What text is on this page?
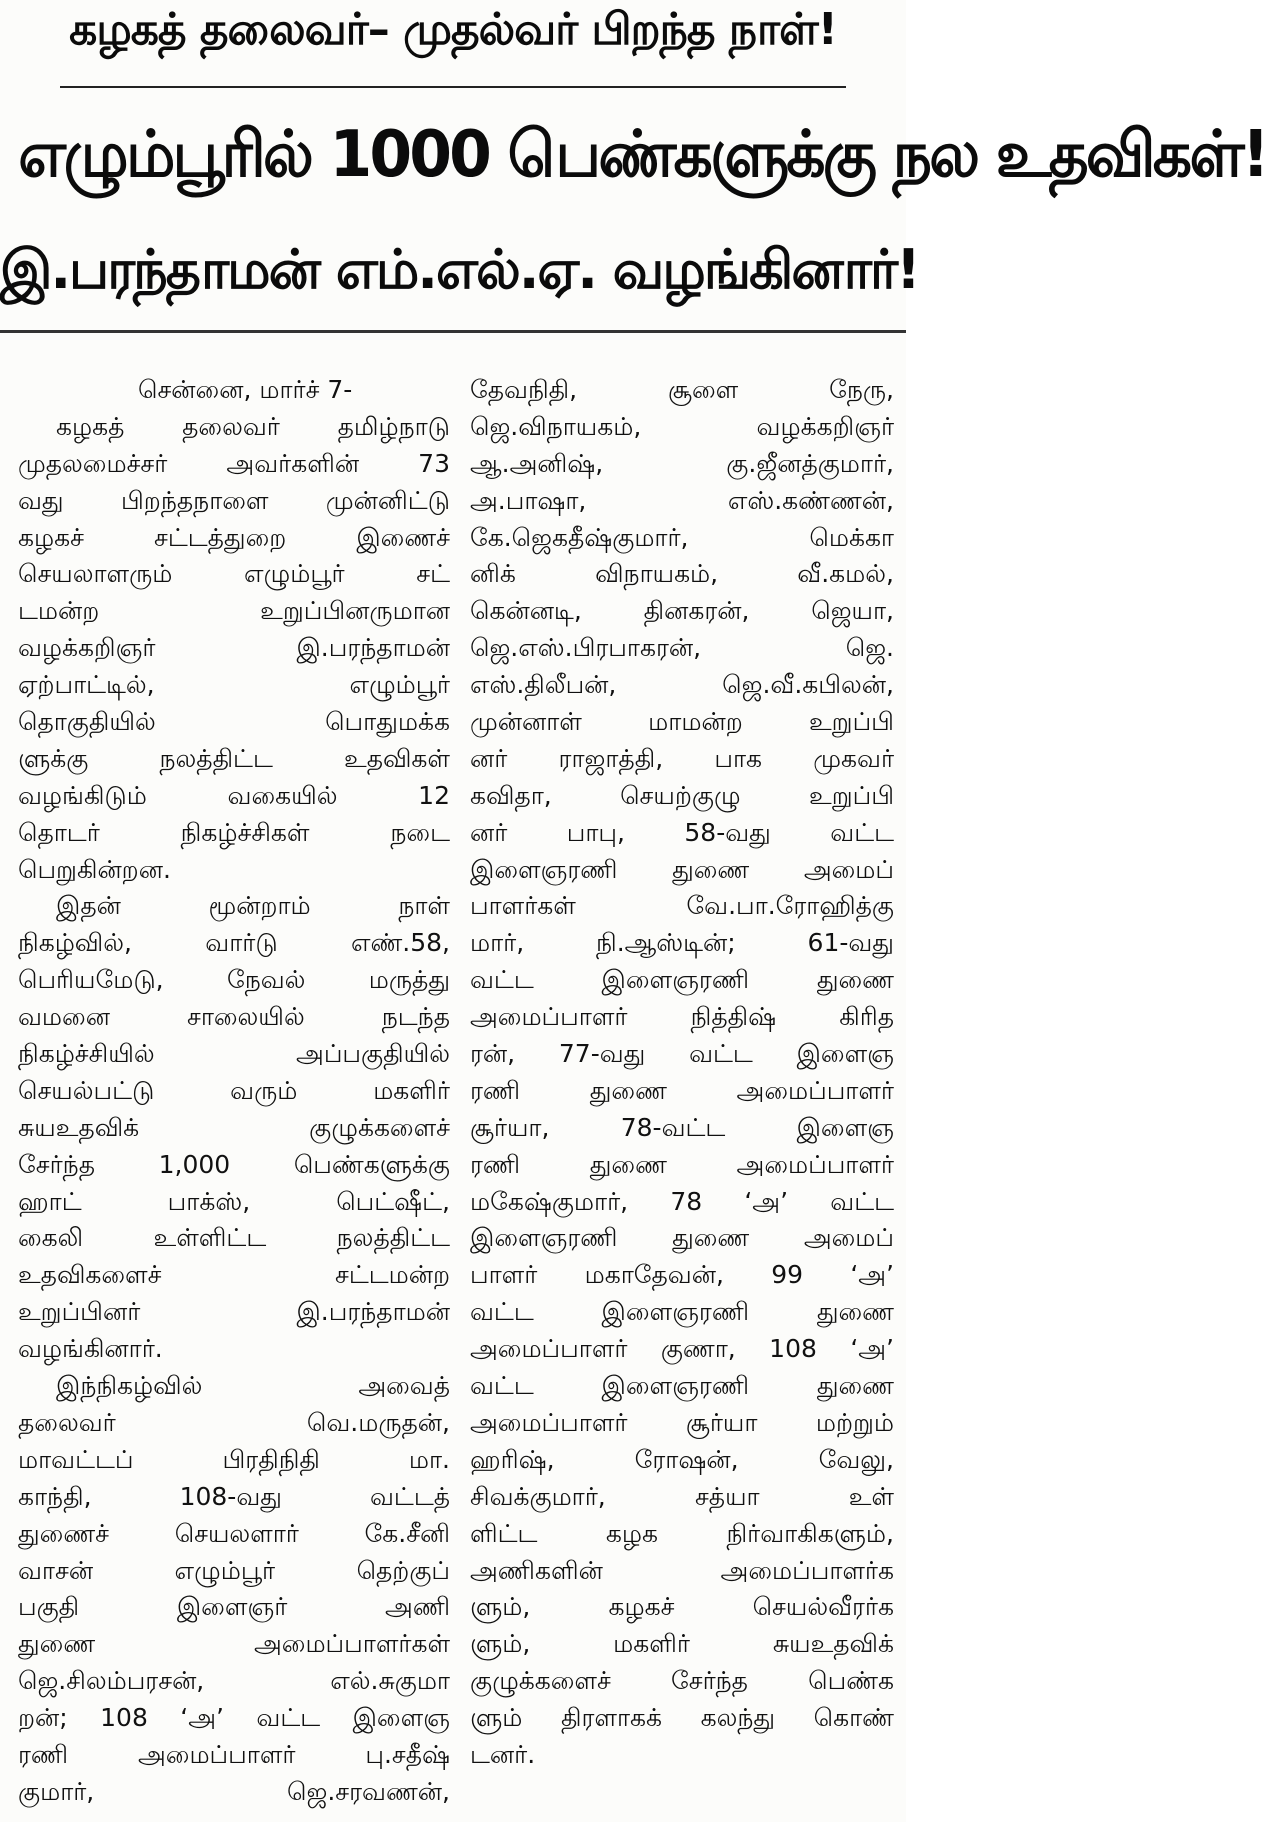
கழகத் தலைவர்– முதல்வர் பிறந்த நாள்!
எழும்பூரில் 1000 பெண்களுக்கு நல உதவிகள்!
இ.பரந்தாமன் எம்.எல்.ஏ. வழங்கினார்!
சென்னை, மார்ச் 7-
கழகத் தலைவர் தமிழ்நாடு
முதலமைச்சர் அவர்களின் 73
வது பிறந்தநாளை முன்னிட்டு
கழகச் சட்டத்துறை இணைச்
செயலாளரும் எழும்பூர் சட்
டமன்ற உறுப்பினருமான
வழக்கறிஞர் இ.பரந்தாமன்
ஏற்பாட்டில், எழும்பூர்
தொகுதியில் பொதுமக்க
ளுக்கு நலத்திட்ட உதவிகள்
வழங்கிடும் வகையில் 12
தொடர் நிகழ்ச்சிகள் நடை
பெறுகின்றன.
இதன் மூன்றாம் நாள்
நிகழ்வில், வார்டு எண்.58,
பெரியமேடு, நேவல் மருத்து
வமனை சாலையில் நடந்த
நிகழ்ச்சியில் அப்பகுதியில்
செயல்பட்டு வரும் மகளிர்
சுயஉதவிக் குழுக்களைச்
சேர்ந்த 1,000 பெண்களுக்கு
ஹாட் பாக்ஸ், பெட்ஷீட்,
கைலி உள்ளிட்ட நலத்திட்ட
உதவிகளைச் சட்டமன்ற
உறுப்பினர் இ.பரந்தாமன்
வழங்கினார்.
இந்நிகழ்வில் அவைத்
தலைவர் வெ.மருதன்,
மாவட்டப் பிரதிநிதி மா.
காந்தி, 108-வது வட்டத்
துணைச் செயலளார் கே.சீனி
வாசன் எழும்பூர் தெற்குப்
பகுதி இளைஞர் அணி
துணை அமைப்பாளர்கள்
ஜெ.சிலம்பரசன், எல்.சுகுமா
றன்; 108 ‘அ’ வட்ட இளைஞ
ரணி அமைப்பாளர் பு.சதீஷ்
குமார், ஜெ.சரவணன்,
தேவநிதி, சூளை நேரு,
ஜெ.விநாயகம், வழக்கறிஞர்
ஆ.அனிஷ், கு.ஜீனத்குமார்,
அ.பாஷா, எஸ்.கண்ணன்,
கே.ஜெகதீஷ்குமார், மெக்கா
னிக் விநாயகம், வீ.கமல்,
கென்னடி, தினகரன், ஜெயா,
ஜெ.எஸ்.பிரபாகரன், ஜெ.
எஸ்.திலீபன், ஜெ.வீ.கபிலன்,
முன்னாள் மாமன்ற உறுப்பி
னர் ராஜாத்தி, பாக முகவர்
கவிதா, செயற்குழு உறுப்பி
னர் பாபு, 58-வது வட்ட
இளைஞரணி துணை அமைப்
பாளர்கள் வே.பா.ரோஹித்கு
மார், நி.ஆஸ்டின்; 61-வது
வட்ட இளைஞரணி துணை
அமைப்பாளர் நித்திஷ் கிரித
ரன், 77-வது வட்ட இளைஞ
ரணி துணை அமைப்பாளர்
சூர்யா, 78-வட்ட இளைஞ
ரணி துணை அமைப்பாளர்
மகேஷ்குமார், 78 ‘அ’ வட்ட
இளைஞரணி துணை அமைப்
பாளர் மகாதேவன், 99 ‘அ’
வட்ட இளைஞரணி துணை
அமைப்பாளர் குணா, 108 ‘அ’
வட்ட இளைஞரணி துணை
அமைப்பாளர் சூர்யா மற்றும்
ஹரிஷ், ரோஷன், வேலு,
சிவக்குமார், சத்யா உள்
ளிட்ட கழக நிர்வாகிகளும்,
அணிகளின் அமைப்பாளர்க
ளும், கழகச் செயல்வீரர்க
ளும், மகளிர் சுயஉதவிக்
குழுக்களைச் சேர்ந்த பெண்க
ளும் திரளாகக் கலந்து கொண்
டனர்.
